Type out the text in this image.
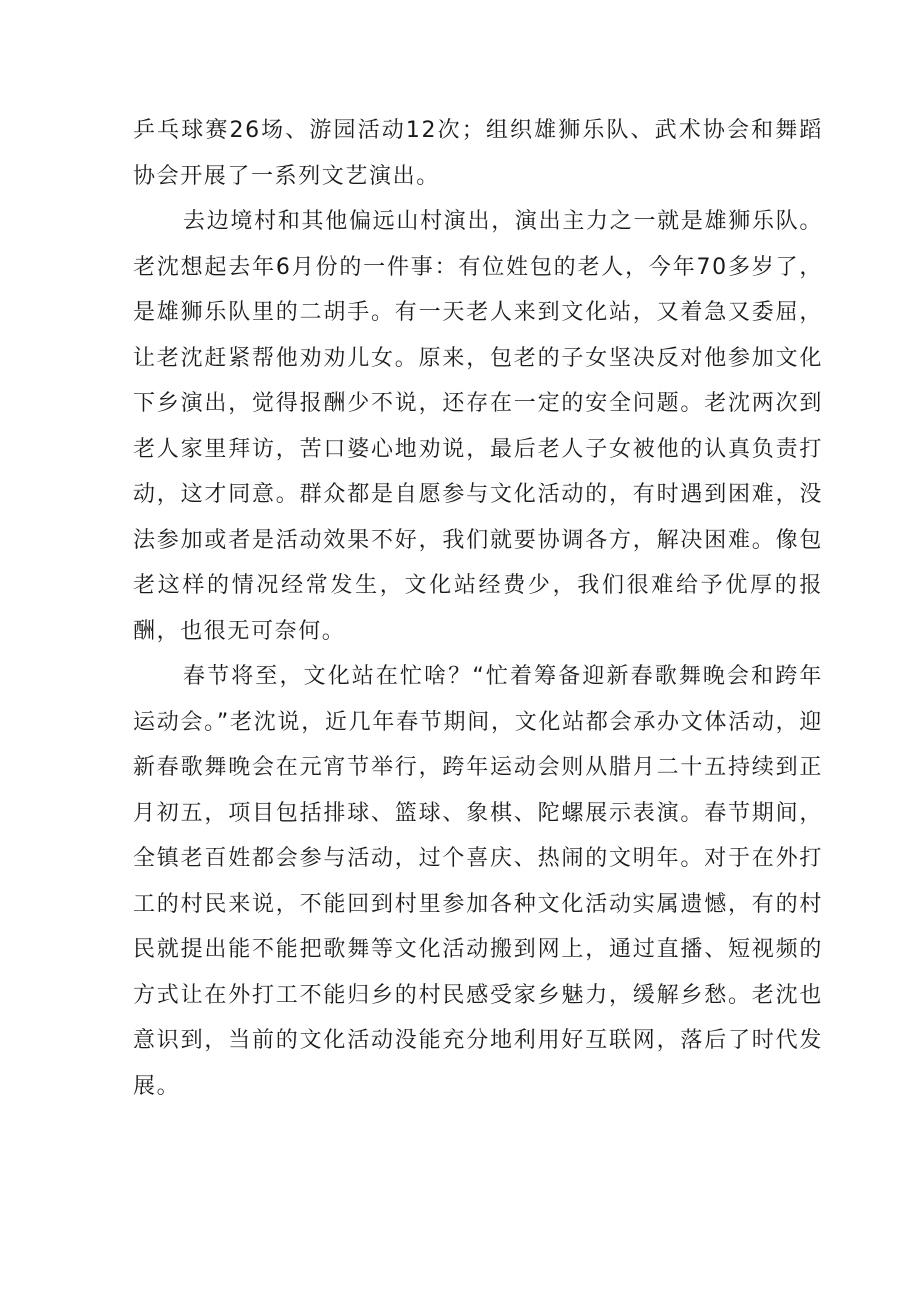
乒乓球赛26场、游园活动12次；组织雄狮乐队、武术协会和舞蹈协会开展了一系列文艺演出。

去边境村和其他偏远山村演出，演出主力之一就是雄狮乐队。老沈想起去年6月份的一件事：有位姓包的老人，今年70多岁了，是雄狮乐队里的二胡手。有一天老人来到文化站，又着急又委屈，让老沈赶紧帮他劝劝儿女。原来，包老的子女坚决反对他参加文化下乡演出，觉得报酬少不说，还存在一定的安全问题。老沈两次到老人家里拜访，苦口婆心地劝说，最后老人子女被他的认真负责打动，这才同意。群众都是自愿参与文化活动的，有时遇到困难，没法参加或者是活动效果不好，我们就要协调各方，解决困难。像包老这样的情况经常发生，文化站经费少，我们很难给予优厚的报酬，也很无可奈何。

春节将至，文化站在忙啥？“忙着筹备迎新春歌舞晚会和跨年运动会。”老沈说，近几年春节期间，文化站都会承办文体活动，迎新春歌舞晚会在元宵节举行，跨年运动会则从腊月二十五持续到正月初五，项目包括排球、篮球、象棋、陀螺展示表演。春节期间，全镇老百姓都会参与活动，过个喜庆、热闹的文明年。对于在外打工的村民来说，不能回到村里参加各种文化活动实属遗憾，有的村民就提出能不能把歌舞等文化活动搬到网上，通过直播、短视频的方式让在外打工不能归乡的村民感受家乡魅力，缓解乡愁。老沈也意识到，当前的文化活动没能充分地利用好互联网，落后了时代发展。
